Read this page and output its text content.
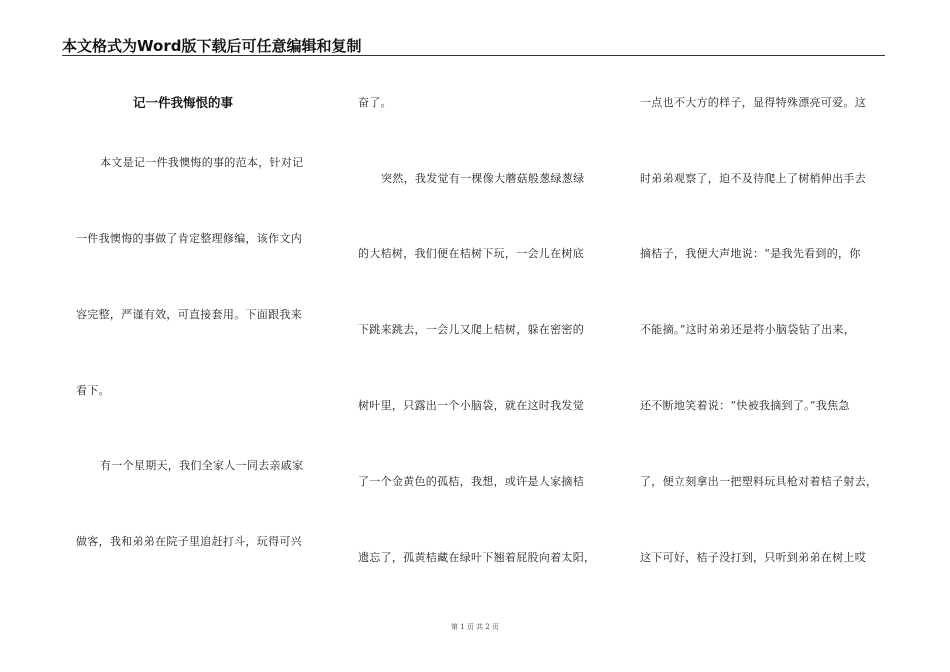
本文格式为Word版下载后可任意编辑和复制
记一件我悔恨的事
本文是记一件我懊悔的事的范本，针对记
一件我懊悔的事做了肯定整理修编，该作文内
容完整，严谨有效，可直接套用。下面跟我来
看下。
有一个星期天，我们全家人一同去亲戚家
做客，我和弟弟在院子里追赶打斗，玩得可兴
奋了。
突然，我发觉有一棵像大蘑菇般葱绿葱绿
的大桔树，我们便在桔树下玩，一会儿在树底
下跳来跳去，一会儿又爬上桔树，躲在密密的
树叶里，只露出一个小脑袋，就在这时我发觉
了一个金黄色的孤桔，我想，或许是人家摘桔
遗忘了，孤黄桔藏在绿叶下翘着屁股向着太阳，
一点也不大方的样子，显得特殊漂亮可爱。这
时弟弟观察了，迫不及待爬上了树梢伸出手去
摘桔子，我便大声地说：“是我先看到的，你
不能摘。”这时弟弟还是将小脑袋钻了出来，
还不断地笑着说：“快被我摘到了。”我焦急
了，便立刻拿出一把塑料玩具枪对着桔子射去，
这下可好，桔子没打到，只听到弟弟在树上哎
第 1 页 共 2 页
